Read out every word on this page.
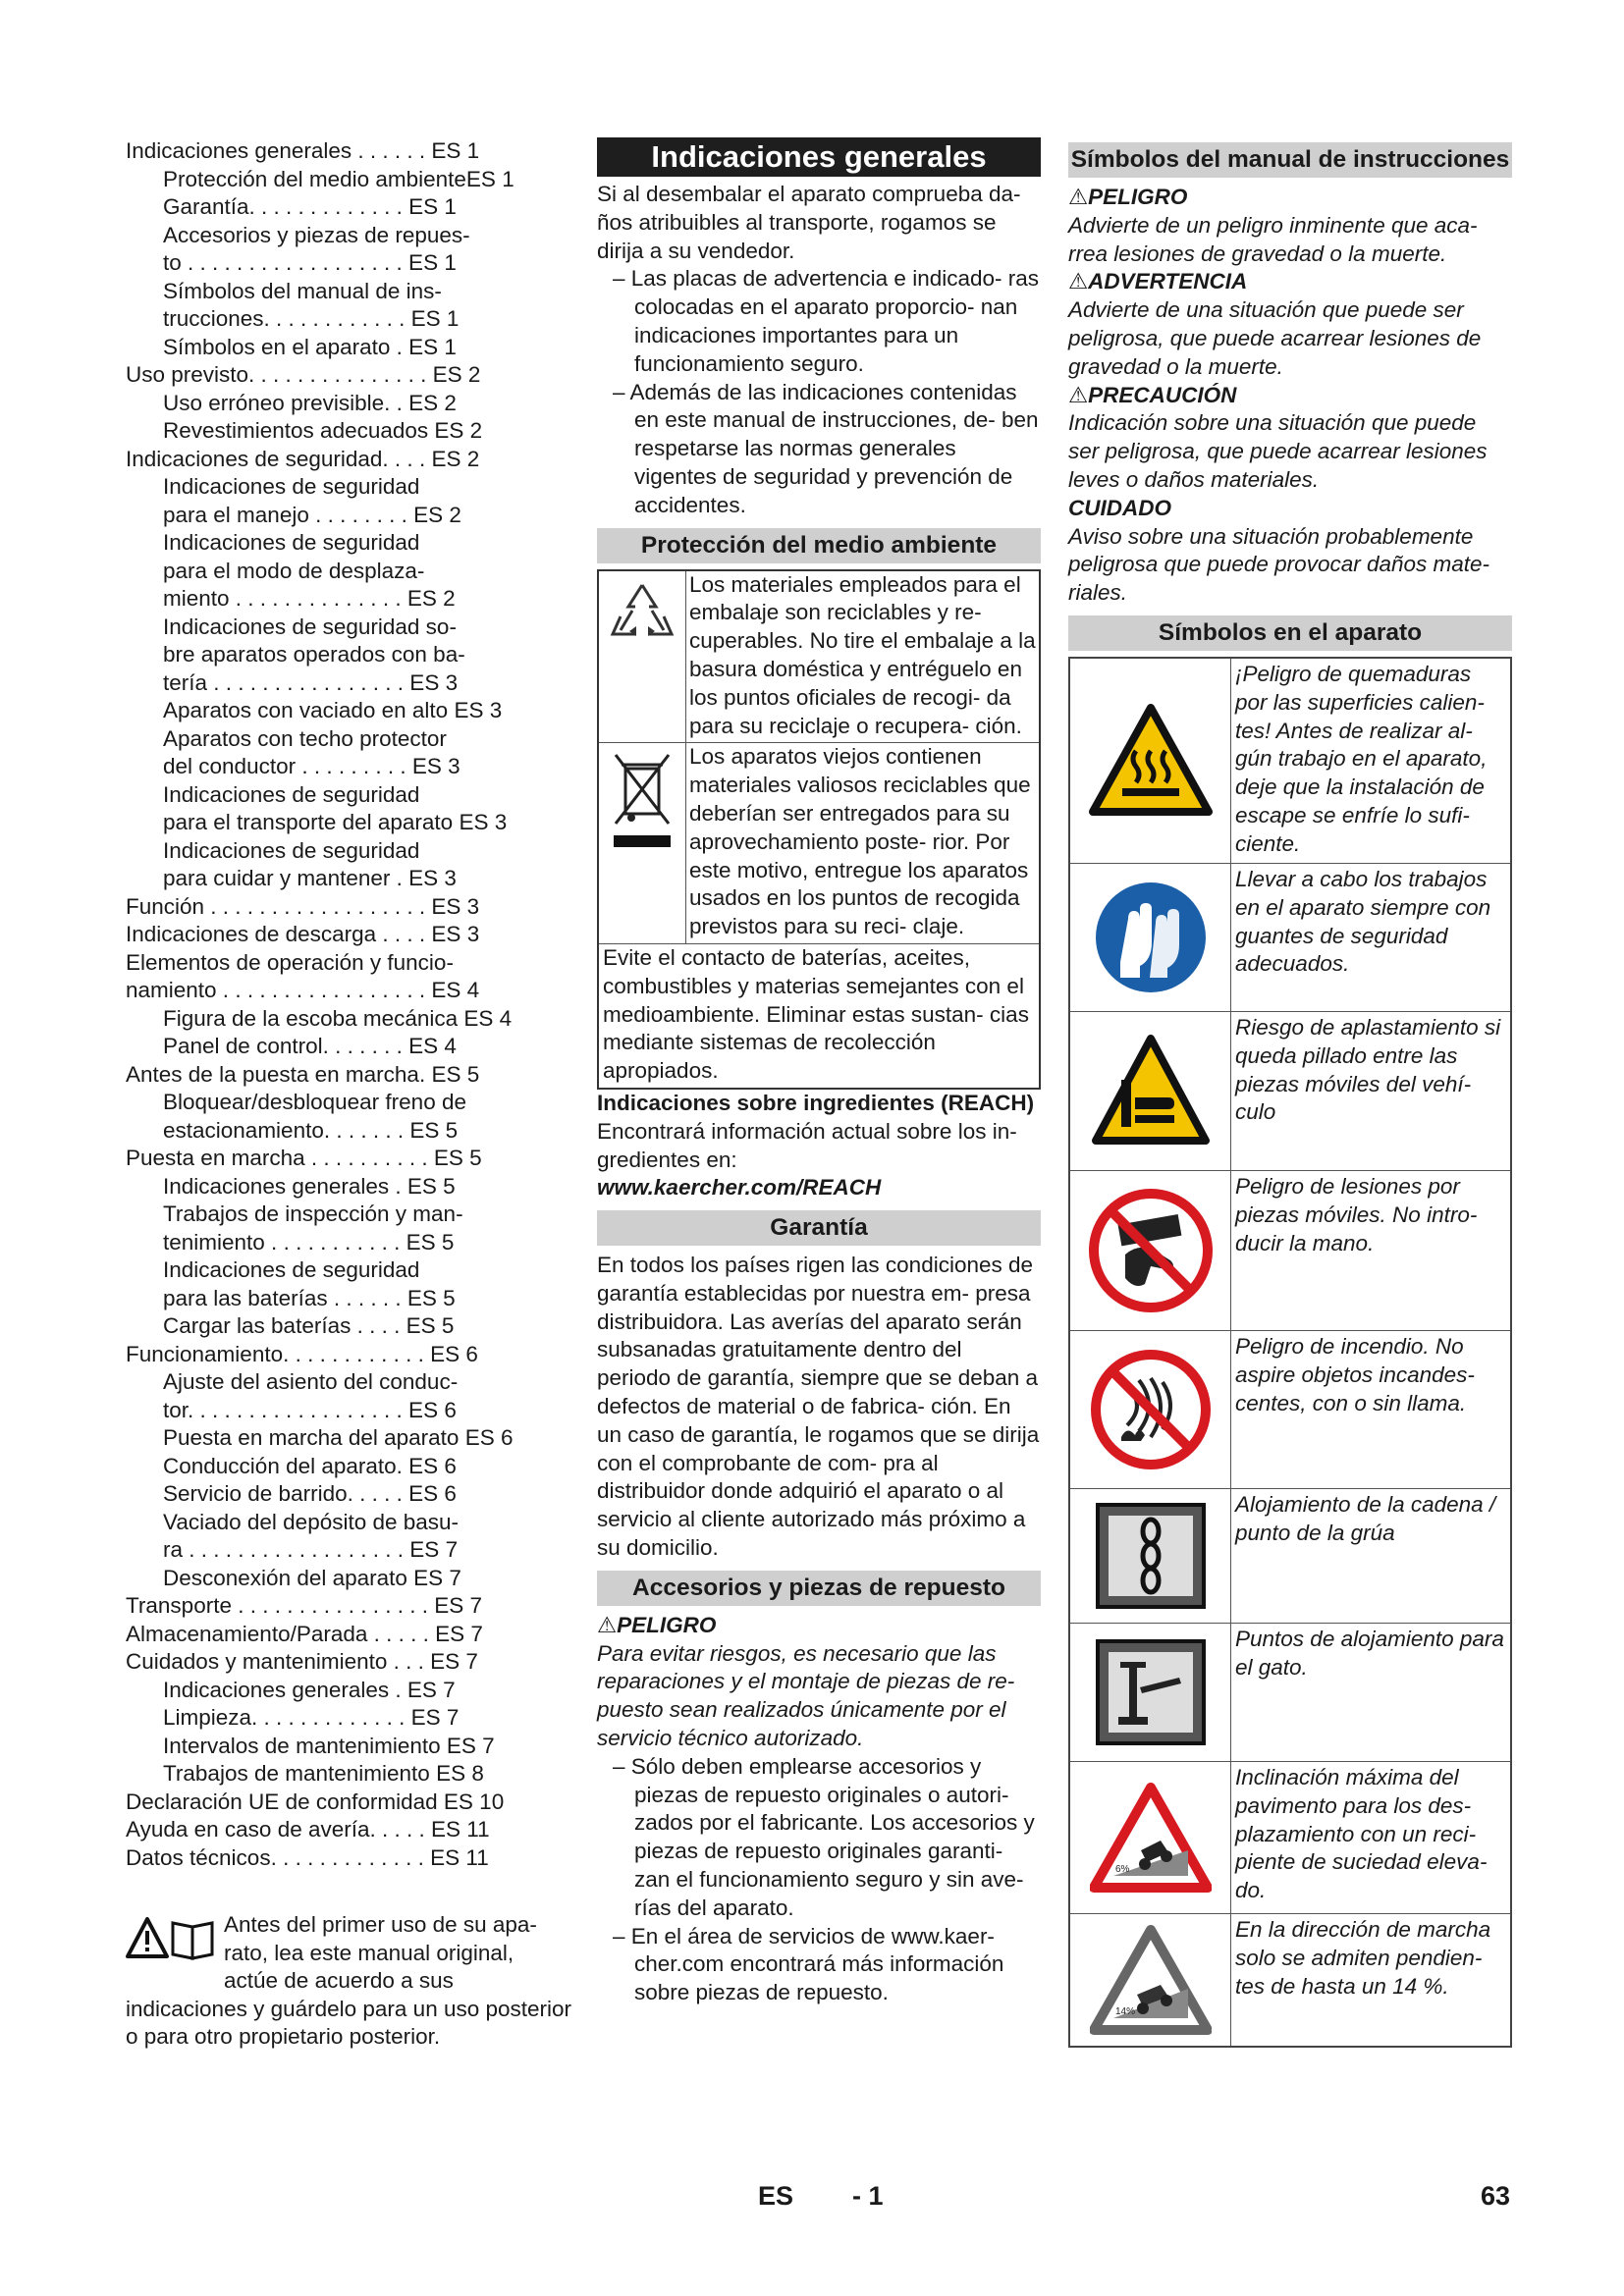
Indicaciones generales . . . . . . ES 1
Protección del medio ambienteES 1
Garantía. . . . . . . . . . . . . ES 1
Accesorios y piezas de repues-
to . . . . . . . . . . . . . . . . . . ES 1
Símbolos del manual de ins-
trucciones. . . . . . . . . . . . ES 1
Símbolos en el aparato . ES 1
Uso previsto. . . . . . . . . . . . . . . ES 2
Uso erróneo previsible. . ES 2
Revestimientos adecuados ES 2
Indicaciones de seguridad. . . . ES 2
Indicaciones de seguridad
para el manejo . . . . . . . . ES 2
Indicaciones de seguridad
para el modo de desplaza-
miento . . . . . . . . . . . . . . ES 2
Indicaciones de seguridad so-
bre aparatos operados con ba-
tería . . . . . . . . . . . . . . . . ES 3
Aparatos con vaciado en alto ES 3
Aparatos con techo protector
del conductor . . . . . . . . . ES 3
Indicaciones de seguridad
para el transporte del aparato ES 3
Indicaciones de seguridad
para cuidar y mantener . ES 3
Función . . . . . . . . . . . . . . . . . . ES 3
Indicaciones de descarga . . . . ES 3
Elementos de operación y funcio-
namiento . . . . . . . . . . . . . . . . . ES 4
Figura de la escoba mecánica ES 4
Panel de control. . . . . . . ES 4
Antes de la puesta en marcha. ES 5
Bloquear/desbloquear freno de
estacionamiento. . . . . . . ES 5
Puesta en marcha . . . . . . . . . . ES 5
Indicaciones generales . ES 5
Trabajos de inspección y man-
tenimiento . . . . . . . . . . . ES 5
Indicaciones de seguridad
para las baterías . . . . . . ES 5
Cargar las baterías . . . . ES 5
Funcionamiento. . . . . . . . . . . . ES 6
Ajuste del asiento del conduc-
tor. . . . . . . . . . . . . . . . . . ES 6
Puesta en marcha del aparato ES 6
Conducción del aparato. ES 6
Servicio de barrido. . . . . ES 6
Vaciado del depósito de basu-
ra . . . . . . . . . . . . . . . . . . ES 7
Desconexión del aparato ES 7
Transporte . . . . . . . . . . . . . . . . ES 7
Almacenamiento/Parada . . . . . ES 7
Cuidados y mantenimiento . . . ES 7
Indicaciones generales . ES 7
Limpieza. . . . . . . . . . . . . ES 7
Intervalos de mantenimiento ES 7
Trabajos de mantenimiento ES 8
Declaración UE de conformidad ES 10
Ayuda en caso de avería. . . . . ES 11
Datos técnicos. . . . . . . . . . . . . ES 11
Antes del primer uso de su apa- rato, lea este manual original, actúe de acuerdo a sus indicaciones y guárdelo para un uso posterior o para otro propietario posterior.
Indicaciones generales

Si al desembalar el aparato comprueba da- ños atribuibles al transporte, rogamos se dirija a su vendedor.

– Las placas de advertencia e indicado- ras colocadas en el aparato proporcio- nan indicaciones importantes para un funcionamiento seguro.

– Además de las indicaciones contenidas en este manual de instrucciones, de- ben respetarse las normas generales vigentes de seguridad y prevención de accidentes.

Protección del medio ambiente
Los materiales empleados para el embalaje son reciclables y re- cuperables. No tire el embalaje a la basura doméstica y entréguelo en los puntos oficiales de recogi- da para su reciclaje o recupera- ción.
Los aparatos viejos contienen materiales valiosos reciclables que deberían ser entregados para su aprovechamiento poste- rior. Por este motivo, entregue los aparatos usados en los puntos de recogida previstos para su reci- claje.
Evite el contacto de baterías, aceites, combustibles y materias semejantes con el medioambiente. Eliminar estas sustan- cias mediante sistemas de recolección apropiados.

Indicaciones sobre ingredientes (REACH)

Encontrará información actual sobre los in- gredientes en:

www.kaercher.com/REACH

Garantía

En todos los países rigen las condiciones de garantía establecidas por nuestra em- presa distribuidora. Las averías del aparato serán subsanadas gratuitamente dentro del periodo de garantía, siempre que se deban a defectos de material o de fabrica- ción. En un caso de garantía, le rogamos que se dirija con el comprobante de com- pra al distribuidor donde adquirió el aparato o al servicio al cliente autorizado más próximo a su domicilio.

Accesorios y piezas de repuesto

⚠PELIGRO

Para evitar riesgos, es necesario que las reparaciones y el montaje de piezas de re- puesto sean realizados únicamente por el servicio técnico autorizado.

– Sólo deben emplearse accesorios y piezas de repuesto originales o autori- zados por el fabricante. Los accesorios y piezas de repuesto originales garanti- zan el funcionamiento seguro y sin ave- rías del aparato.

– En el área de servicios de www.kaer- cher.com encontrará más información sobre piezas de repuesto.

Símbolos del manual de instrucciones

⚠PELIGRO

Advierte de un peligro inminente que aca- rrea lesiones de gravedad o la muerte.

⚠ADVERTENCIA

Advierte de una situación que puede ser peligrosa, que puede acarrear lesiones de gravedad o la muerte.

⚠PRECAUCIÓN

Indicación sobre una situación que puede ser peligrosa, que puede acarrear lesiones leves o daños materiales.

CUIDADO

Aviso sobre una situación probablemente peligrosa que puede provocar daños mate- riales.

Símbolos en el aparato
¡Peligro de quemaduras por las superficies calien- tes! Antes de realizar al- gún trabajo en el aparato, deje que la instalación de escape se enfríe lo sufi- ciente.
Llevar a cabo los trabajos en el aparato siempre con guantes de seguridad adecuados.
Riesgo de aplastamiento si queda pillado entre las piezas móviles del vehí- culo
Peligro de lesiones por piezas móviles. No intro- ducir la mano.
Peligro de incendio. No aspire objetos incandes- centes, con o sin llama.
Alojamiento de la cadena / punto de la grúa
Puntos de alojamiento para el gato.
6%
Inclinación máxima del pavimento para los des- plazamiento con un reci- piente de suciedad eleva- do.
14%
En la dirección de marcha solo se admiten pendien- tes de hasta un 14 %.
ES - 1	63
